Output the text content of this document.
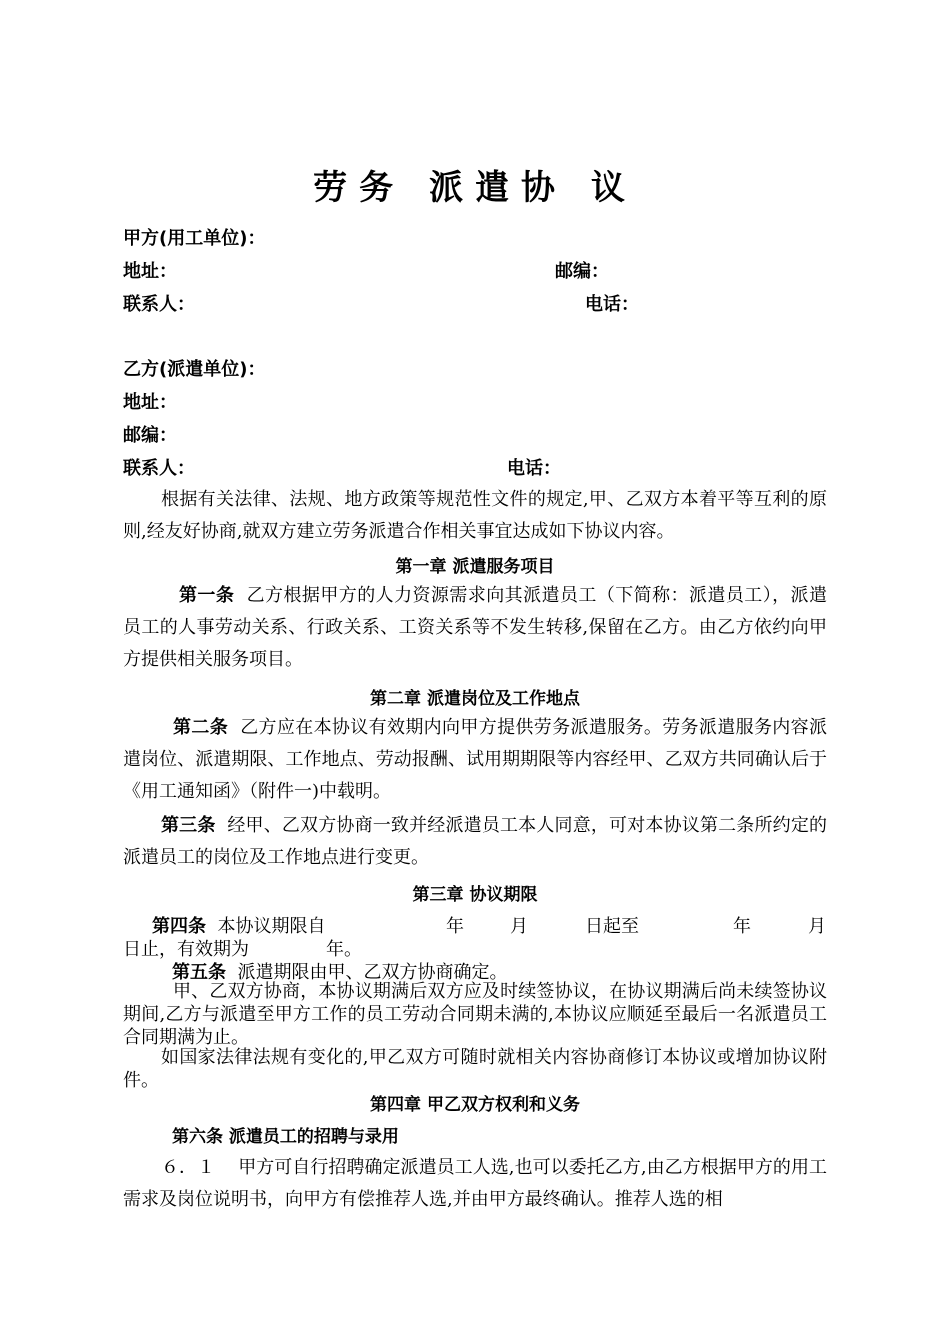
劳务 派遣协 议
甲方(用工单位)：
地址：	邮编：
联系人：	电话：
乙方(派遣单位)：
地址：
邮编：
联系人：	电话：
根据有关法律、法规、地方政策等规范性文件的规定,甲、乙双方本着平等互利的原则,经友好协商,就双方建立劳务派遣合作相关事宜达成如下协议内容。
第一章 派遣服务项目
第一条 乙方根据甲方的人力资源需求向其派遣员工（下简称：派遣员工），派遣员工的人事劳动关系、行政关系、工资关系等不发生转移,保留在乙方。由乙方依约向甲方提供相关服务项目。
第二章 派遣岗位及工作地点
第二条 乙方应在本协议有效期内向甲方提供劳务派遣服务。劳务派遣服务内容派遣岗位、派遣期限、工作地点、劳动报酬、试用期期限等内容经甲、乙双方共同确认后于《用工通知函》（附件一)中载明。
第三条 经甲、乙双方协商一致并经派遣员工本人同意，可对本协议第二条所约定的派遣员工的岗位及工作地点进行变更。
第三章 协议期限
第四条 本协议期限自	年	月	日起至	年	月
日止，有效期为	年。
第五条 派遣期限由甲、乙双方协商确定。
甲、乙双方协商，本协议期满后双方应及时续签协议，在协议期满后尚未续签协议期间,乙方与派遣至甲方工作的员工劳动合同期未满的,本协议应顺延至最后一名派遣员工合同期满为止。
如国家法律法规有变化的,甲乙双方可随时就相关内容协商修订本协议或增加协议附件。
第四章 甲乙双方权利和义务
第六条 派遣员工的招聘与录用
６．１ 甲方可自行招聘确定派遣员工人选,也可以委托乙方,由乙方根据甲方的用工需求及岗位说明书，向甲方有偿推荐人选,并由甲方最终确认。推荐人选的相
